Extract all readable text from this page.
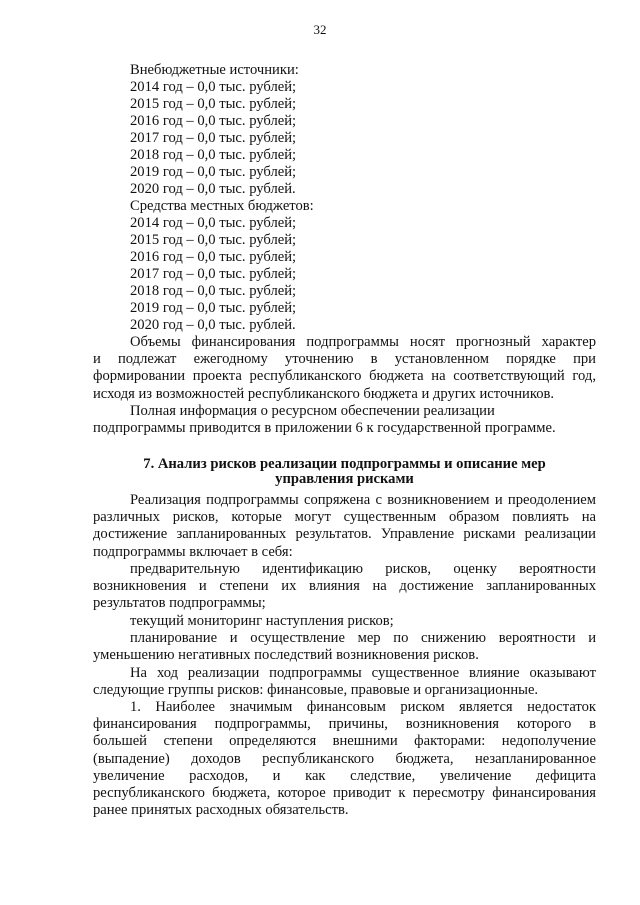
32
Внебюджетные источники:
2014 год – 0,0 тыс. рублей;
2015 год – 0,0 тыс. рублей;
2016 год – 0,0 тыс. рублей;
2017 год – 0,0 тыс. рублей;
2018 год – 0,0 тыс. рублей;
2019 год – 0,0 тыс. рублей;
2020 год – 0,0 тыс. рублей.
Средства местных бюджетов:
2014 год – 0,0 тыс. рублей;
2015 год – 0,0 тыс. рублей;
2016 год – 0,0 тыс. рублей;
2017 год – 0,0 тыс. рублей;
2018 год – 0,0 тыс. рублей;
2019 год – 0,0 тыс. рублей;
2020 год – 0,0 тыс. рублей.
Объемы финансирования подпрограммы носят прогнозный характер
и подлежат ежегодному уточнению в установленном порядке при
формировании проекта республиканского бюджета на соответствующий год,
исходя из возможностей республиканского бюджета и других источников.
Полная информация о ресурсном обеспечении реализации
подпрограммы приводится в приложении 6 к государственной программе.
7. Анализ рисков реализации подпрограммы и описание мер
управления рисками
Реализация подпрограммы сопряжена с возникновением и преодолением
различных рисков, которые могут существенным образом повлиять на
достижение запланированных результатов. Управление рисками реализации
подпрограммы включает в себя:
предварительную идентификацию рисков, оценку вероятности
возникновения и степени их влияния на достижение запланированных
результатов подпрограммы;
текущий мониторинг наступления рисков;
планирование и осуществление мер по снижению вероятности и
уменьшению негативных последствий возникновения рисков.
На ход реализации подпрограммы существенное влияние оказывают
следующие группы рисков: финансовые, правовые и организационные.
1. Наиболее значимым финансовым риском является недостаток
финансирования подпрограммы, причины, возникновения которого в
большей степени определяются внешними факторами: недополучение
(выпадение) доходов республиканского бюджета, незапланированное
увеличение расходов, и как следствие, увеличение дефицита
республиканского бюджета, которое приводит к пересмотру финансирования
ранее принятых расходных обязательств.
